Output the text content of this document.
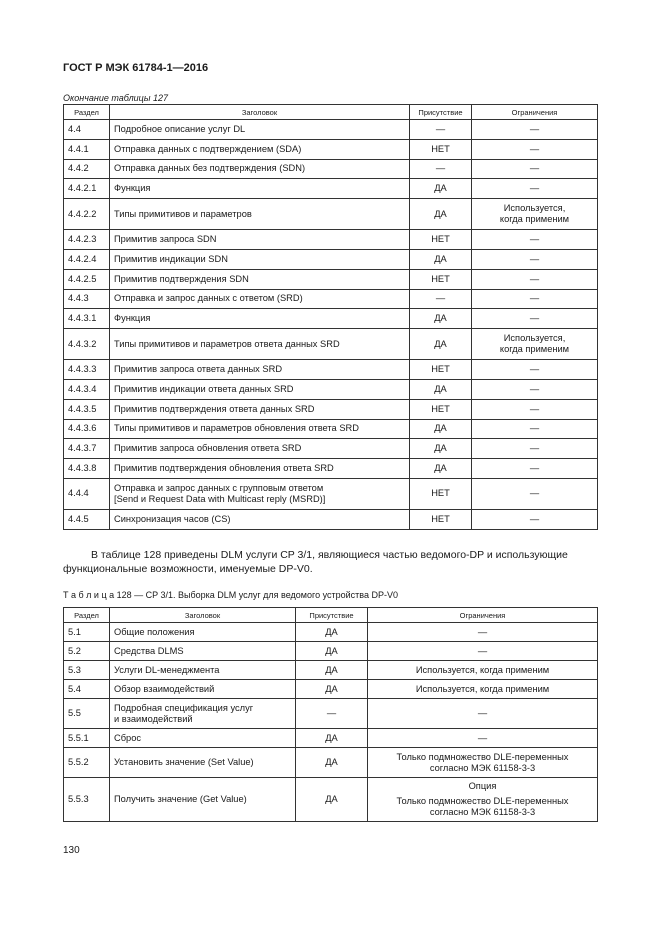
ГОСТ Р МЭК 61784-1—2016
Окончание таблицы 127
Раздел	Заголовок	Присутствие	Ограничения
4.4	Подробное описание услуг DL	—	—

4.4.1	Отправка данных с подтверждением (SDA)	НЕТ	—

4.4.2	Отправка данных без подтверждения (SDN)	—	—

4.4.2.1	Функция	ДА	—

4.4.2.2	Типы примитивов и параметров	ДА	Используется,
когда применим

4.4.2.3	Примитив запроса SDN	НЕТ	—

4.4.2.4	Примитив индикации SDN	ДА	—

4.4.2.5	Примитив подтверждения SDN	НЕТ	—

4.4.3	Отправка и запрос данных с ответом (SRD)	—	—

4.4.3.1	Функция	ДА	—

4.4.3.2	Типы примитивов и параметров ответа данных SRD	ДА	Используется,
когда применим

4.4.3.3	Примитив запроса ответа данных SRD	НЕТ	—

4.4.3.4	Примитив индикации ответа данных SRD	ДА	—

4.4.3.5	Примитив подтверждения ответа данных SRD	НЕТ	—

4.4.3.6	Типы примитивов и параметров обновления ответа SRD	ДА	—

4.4.3.7	Примитив запроса обновления ответа SRD	ДА	—

4.4.3.8	Примитив подтверждения обновления ответа SRD	ДА	—

4.4.4	Отправка и запрос данных с групповым ответом
[Send и Request Data with Multicast reply (MSRD)]	НЕТ	—

4.4.5	Синхронизация часов (CS)	НЕТ	—
В таблице 128 приведены DLM услуги CP 3/1, являющиеся частью ведомого-DP и использующие функциональные возможности, именуемые DP-V0.
Т а б л и ц а 128 — CP 3/1. Выборка DLM услуг для ведомого устройства DP-V0
Раздел	Заголовок	Присутствие	Ограничения
5.1	Общие положения	ДА	—

5.2	Средства DLMS	ДА	—

5.3	Услуги DL-менеджмента	ДА	Используется, когда применим

5.4	Обзор взаимодействий	ДА	Используется, когда применим

5.5	Подробная спецификация услуг
и взаимодействий	—	—

5.5.1	Сброс	ДА	—

5.5.2	Установить значение (Set Value)	ДА	Только подмножество DLE-переменных
согласно МЭК 61158-3-3

5.5.3	Получить значение (Get Value)	ДА	Опция
Только подмножество DLE-переменных
согласно МЭК 61158-3-3
130
